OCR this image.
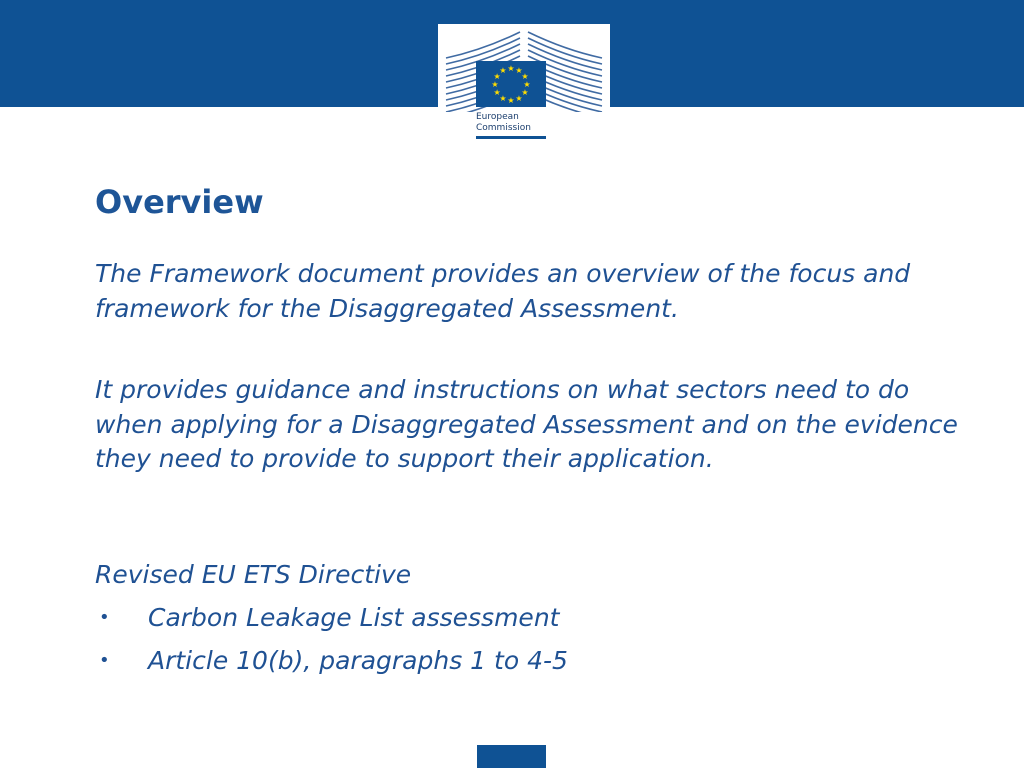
★ ★
★
★
★
★
★
★
★
★
★
★
European
Commission
Overview

The Framework document provides an overview of the focus and framework for the Disaggregated Assessment.

It provides guidance and instructions on what sectors need to do when applying for a Disaggregated Assessment and on the evidence they need to provide to support their application.

Revised EU ETS Directive

• Carbon Leakage List assessment
• Article 10(b), paragraphs 1 to 4-5
